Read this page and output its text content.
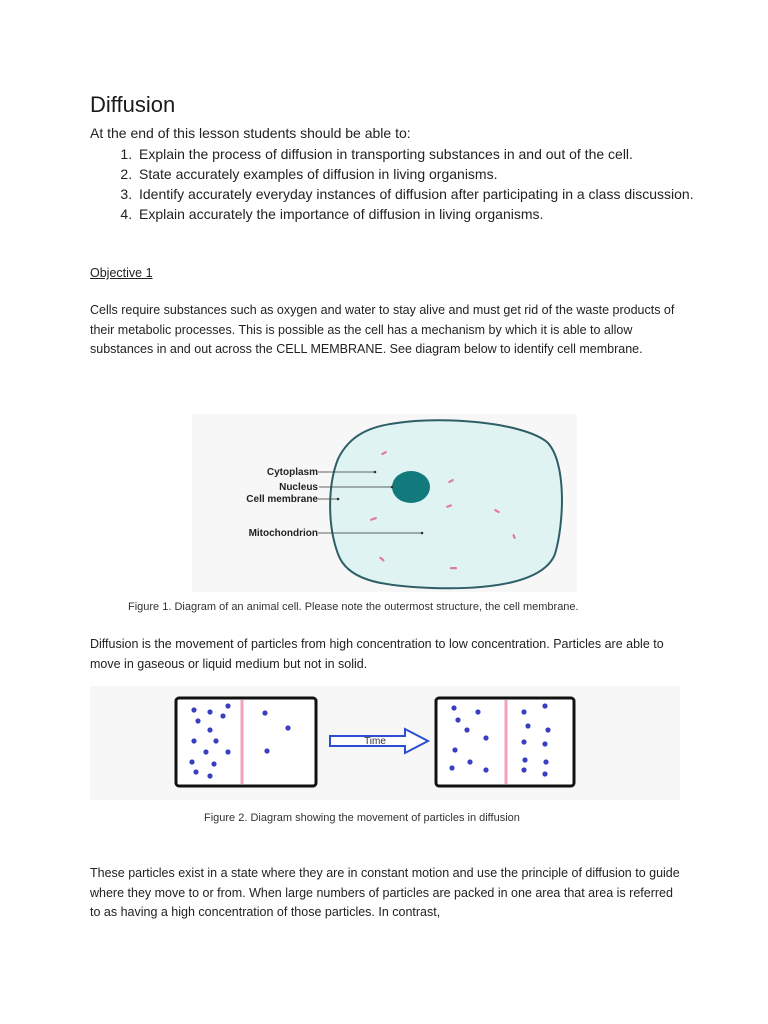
Diffusion
At the end of this lesson students should be able to:
1. Explain the process of diffusion in transporting substances in and out of the cell.
2. State accurately examples of diffusion in living organisms.
3. Identify accurately everyday instances of diffusion after participating in a class discussion.
4. Explain accurately the importance of diffusion in living organisms.
Objective 1
Cells require substances such as oxygen and water to stay alive and must get rid of the waste products of their metabolic processes. This is possible as the cell has a mechanism by which it is able to allow substances in and out across the CELL MEMBRANE. See diagram below to identify cell membrane.
Cytoplasm
Nucleus
Cell membrane
Mitochondrion
Figure 1. Diagram of an animal cell. Please note the outermost structure, the cell membrane.
Diffusion is the movement of particles from high concentration to low concentration. Particles are able to move in gaseous or liquid medium but not in solid.
Time
Figure 2. Diagram showing the movement of particles in diffusion
These particles exist in a state where they are in constant motion and use the principle of diffusion to guide where they move to or from. When large numbers of particles are packed in one area that area is referred to as having a high concentration of those particles. In contrast,
